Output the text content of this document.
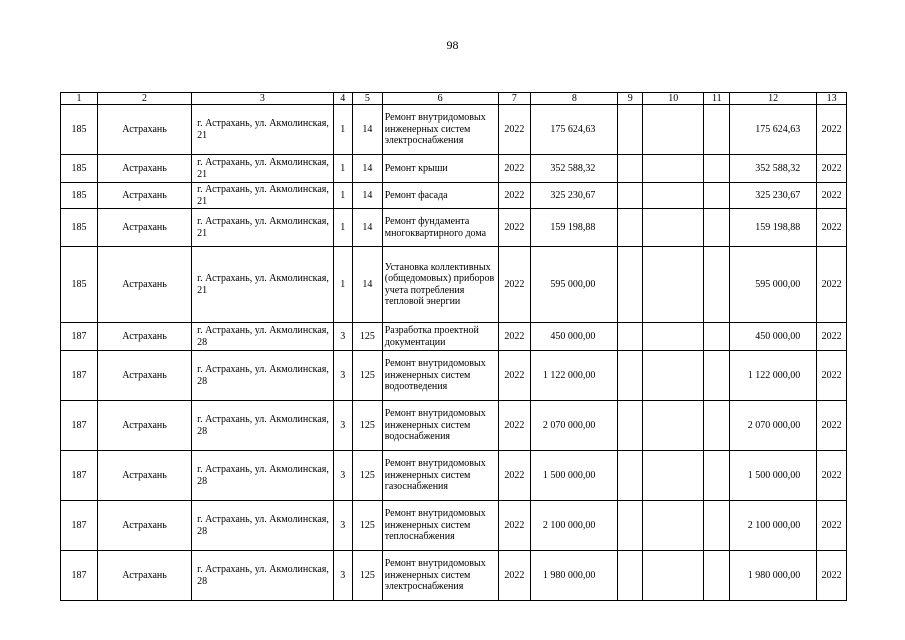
98
1	2	3	4	5	6	7	8	9	10	11	12	13
185	Астрахань	г. Астрахань, ул. Акмолинская, 21	1	14	Ремонт внутридомовых инженерных систем электроснабжения	2022	175 624,63				175 624,63	2022
185	Астрахань	г. Астрахань, ул. Акмолинская, 21	1	14	Ремонт крыши	2022	352 588,32				352 588,32	2022
185	Астрахань	г. Астрахань, ул. Акмолинская, 21	1	14	Ремонт фасада	2022	325 230,67				325 230,67	2022
185	Астрахань	г. Астрахань, ул. Акмолинская, 21	1	14	Ремонт фундамента многоквартирного дома	2022	159 198,88				159 198,88	2022
185	Астрахань	г. Астрахань, ул. Акмолинская, 21	1	14	Установка коллективных (общедомовых) приборов учета потребления тепловой энергии	2022	595 000,00				595 000,00	2022
187	Астрахань	г. Астрахань, ул. Акмолинская, 28	3	125	Разработка проектной документации	2022	450 000,00				450 000,00	2022
187	Астрахань	г. Астрахань, ул. Акмолинская, 28	3	125	Ремонт внутридомовых инженерных систем водоотведения	2022	1 122 000,00				1 122 000,00	2022
187	Астрахань	г. Астрахань, ул. Акмолинская, 28	3	125	Ремонт внутридомовых инженерных систем водоснабжения	2022	2 070 000,00				2 070 000,00	2022
187	Астрахань	г. Астрахань, ул. Акмолинская, 28	3	125	Ремонт внутридомовых инженерных систем газоснабжения	2022	1 500 000,00				1 500 000,00	2022
187	Астрахань	г. Астрахань, ул. Акмолинская, 28	3	125	Ремонт внутридомовых инженерных систем теплоснабжения	2022	2 100 000,00				2 100 000,00	2022
187	Астрахань	г. Астрахань, ул. Акмолинская, 28	3	125	Ремонт внутридомовых инженерных систем электроснабжения	2022	1 980 000,00				1 980 000,00	2022
